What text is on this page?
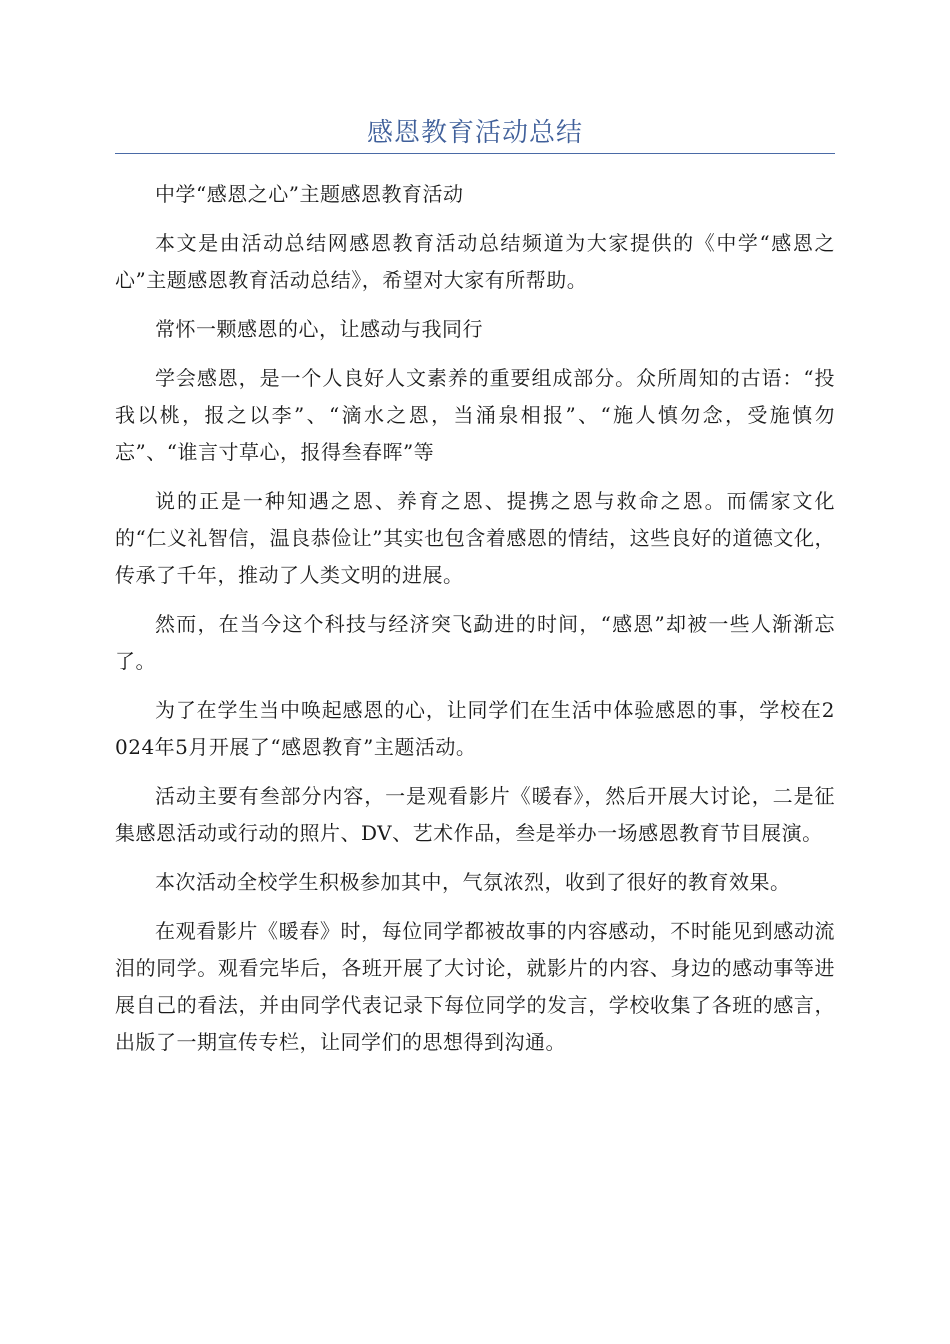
感恩教育活动总结

中学“感恩之心”主题感恩教育活动

本文是由活动总结网感恩教育活动总结频道为大家提供的《中学“感恩之心”主题感恩教育活动总结》，希望对大家有所帮助。

常怀一颗感恩的心，让感动与我同行

学会感恩，是一个人良好人文素养的重要组成部分。众所周知的古语：“投我以桃，报之以李”、“滴水之恩，当涌泉相报”、“施人慎勿念，受施慎勿忘”、“谁言寸草心，报得叁春晖”等

说的正是一种知遇之恩、养育之恩、提携之恩与救命之恩。而儒家文化的“仁义礼智信，温良恭俭让”其实也包含着感恩的情结，这些良好的道德文化，传承了千年，推动了人类文明的进展。

然而，在当今这个科技与经济突飞勐进的时间，“感恩”却被一些人渐渐忘了。

为了在学生当中唤起感恩的心，让同学们在生活中体验感恩的事，学校在2024年5月开展了“感恩教育”主题活动。

活动主要有叁部分内容，一是观看影片《暖春》，然后开展大讨论，二是征集感恩活动或行动的照片、DV、艺术作品，叁是举办一场感恩教育节目展演。

本次活动全校学生积极参加其中，气氛浓烈，收到了很好的教育效果。

在观看影片《暖春》时，每位同学都被故事的内容感动，不时能见到感动流泪的同学。观看完毕后，各班开展了大讨论，就影片的内容、身边的感动事等进展自己的看法，并由同学代表记录下每位同学的发言，学校收集了各班的感言，出版了一期宣传专栏，让同学们的思想得到沟通。
